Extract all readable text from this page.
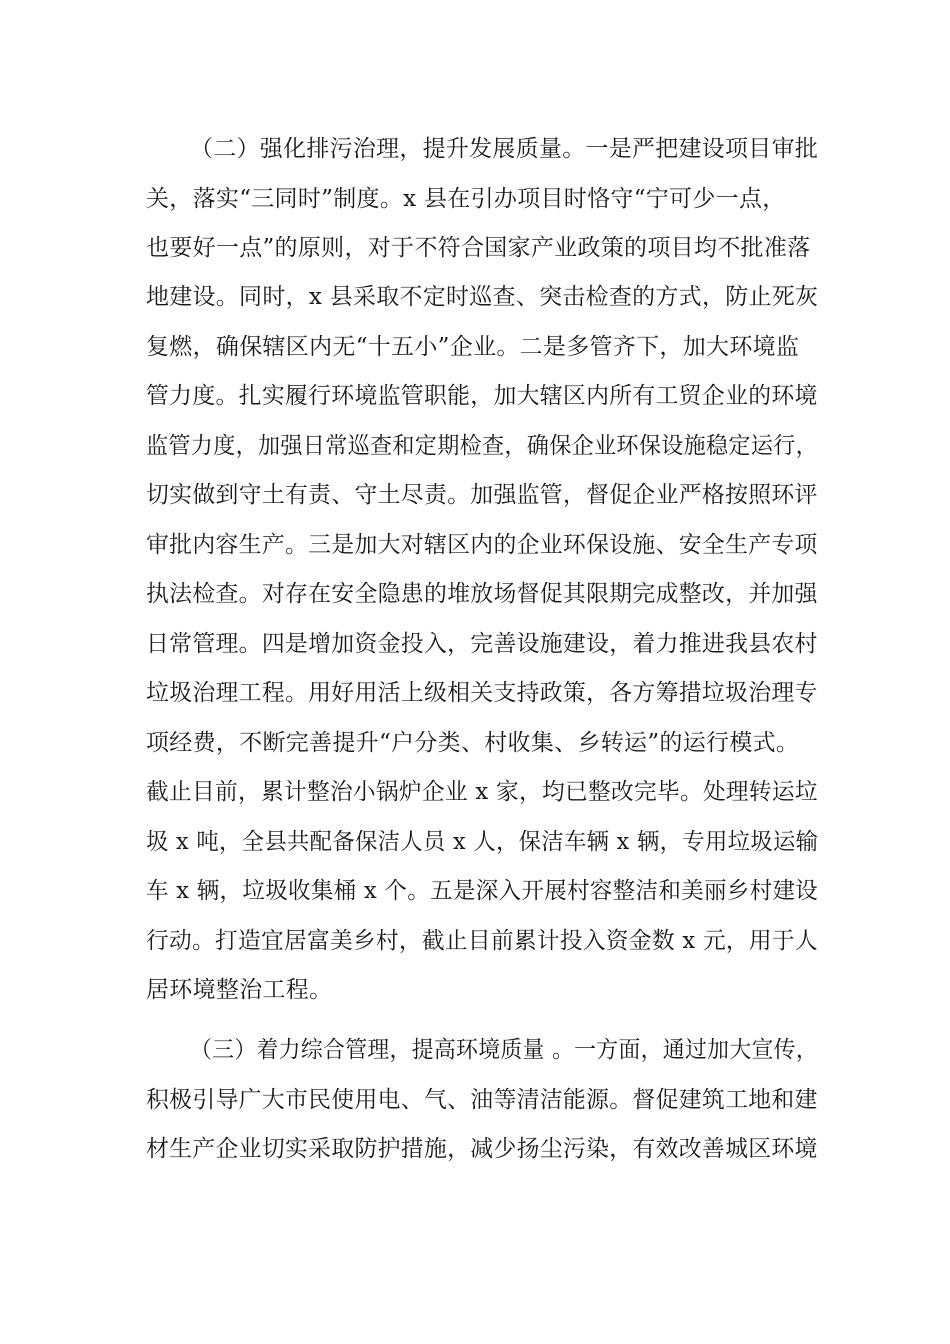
（二）强化排污治理，提升发展质量。一是严把建设项目审批
关，落实“三同时”制度。x 县在引办项目时恪守“宁可少一点，
也要好一点”的原则，对于不符合国家产业政策的项目均不批准落
地建设。同时，x 县采取不定时巡查、突击检查的方式，防止死灰
复燃，确保辖区内无“十五小”企业。二是多管齐下，加大环境监
管力度。扎实履行环境监管职能，加大辖区内所有工贸企业的环境
监管力度，加强日常巡查和定期检查，确保企业环保设施稳定运行，
切实做到守土有责、守土尽责。加强监管，督促企业严格按照环评
审批内容生产。三是加大对辖区内的企业环保设施、安全生产专项
执法检查。对存在安全隐患的堆放场督促其限期完成整改，并加强
日常管理。四是增加资金投入，完善设施建设，着力推进我县农村
垃圾治理工程。用好用活上级相关支持政策，各方筹措垃圾治理专
项经费，不断完善提升“户分类、村收集、乡转运”的运行模式。
截止目前，累计整治小锅炉企业 x 家，均已整改完毕。处理转运垃
圾 x 吨，全县共配备保洁人员 x 人，保洁车辆 x 辆，专用垃圾运输
车 x 辆，垃圾收集桶 x 个。五是深入开展村容整洁和美丽乡村建设
行动。打造宜居富美乡村，截止目前累计投入资金数 x 元，用于人
居环境整治工程。
（三）着力综合管理，提高环境质量 。一方面，通过加大宣传，
积极引导广大市民使用电、气、油等清洁能源。督促建筑工地和建
材生产企业切实采取防护措施，减少扬尘污染，有效改善城区环境
